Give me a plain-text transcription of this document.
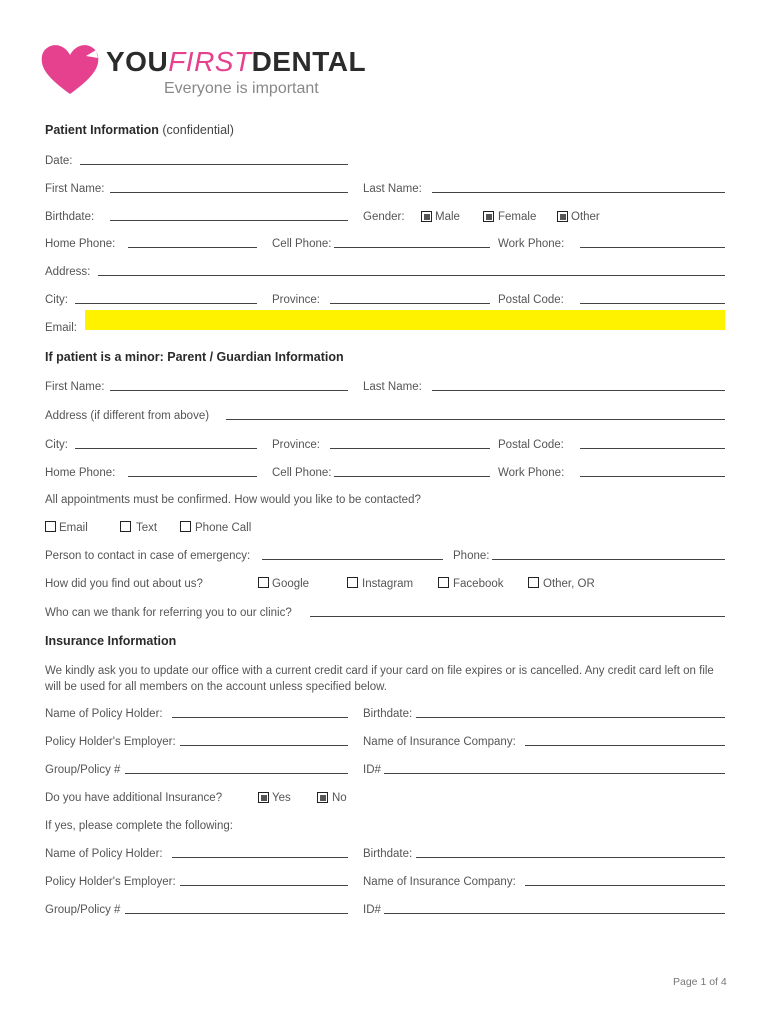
YOUFIRSTDENTAL
Everyone is important
Patient Information (confidential)
Date:
First Name:	Last Name:
Birthdate:	Gender:	Male	Female	Other
Home Phone:	Cell Phone:	Work Phone:
Address:
City:	Province:	Postal Code:
Email:
If patient is a minor: Parent / Guardian Information
First Name:	Last Name:
Address (if different from above)
City:	Province:	Postal Code:
Home Phone:	Cell Phone:	Work Phone:
All appointments must be confirmed. How would you like to be contacted?
Email	Text	Phone Call
Person to contact in case of emergency:	Phone:
How did you find out about us?	Google	Instagram	Facebook	Other, OR
Who can we thank for referring you to our clinic?
Insurance Information
We kindly ask you to update our office with a current credit card if your card on file expires or is cancelled. Any credit card left on file will be used for all members on the account unless specified below.
Name of Policy Holder:	Birthdate:
Policy Holder's Employer:	Name of Insurance Company:
Group/Policy #	ID#
Do you have additional Insurance?	Yes	No
If yes, please complete the following:
Name of Policy Holder:	Birthdate:
Policy Holder's Employer:	Name of Insurance Company:
Group/Policy #	ID#
Page 1 of 4
